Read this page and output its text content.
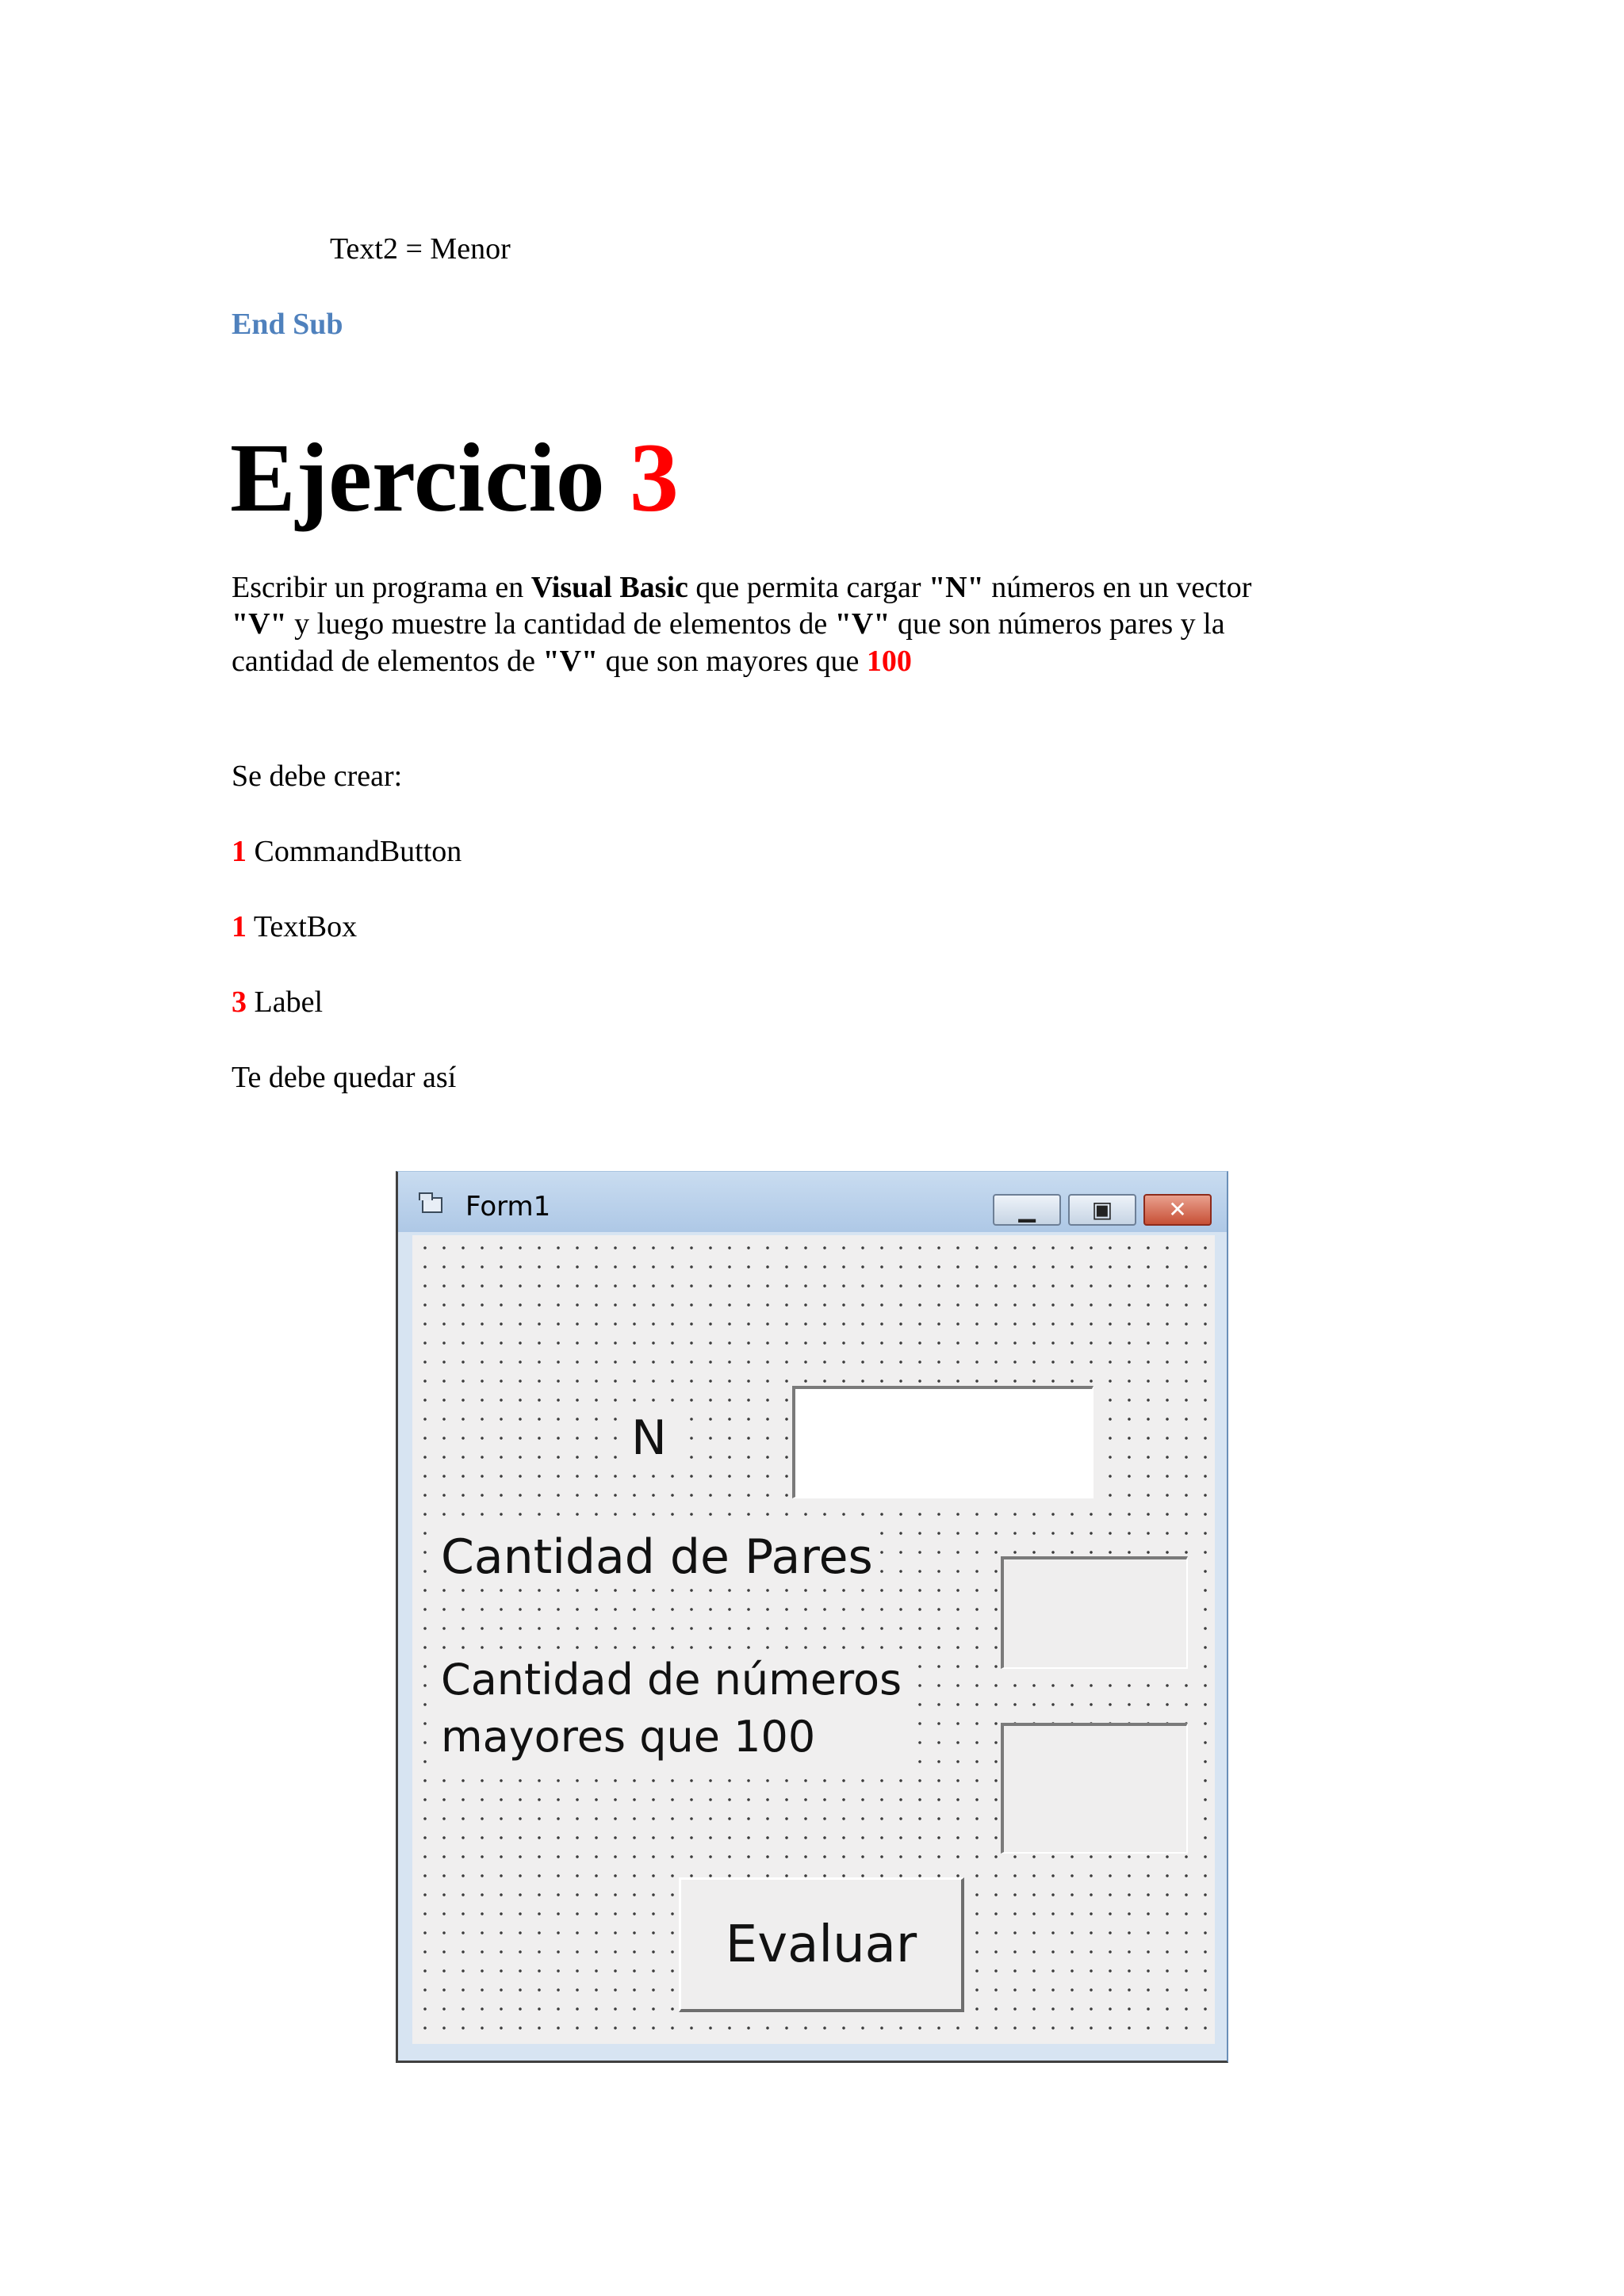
Text2 = Menor
End Sub
Ejercicio 3
Escribir un programa en Visual Basic que permita cargar "N" números en un vector
"V" y luego muestre la cantidad de elementos de "V" que son números pares y la
cantidad de elementos de "V" que son mayores que 100
Se debe crear:
1 CommandButton
1 TextBox
3 Label
Te debe quedar así
Form1	▁	▣	✕
N
Cantidad de Pares
Cantidad de números
mayores que 100
Evaluar
